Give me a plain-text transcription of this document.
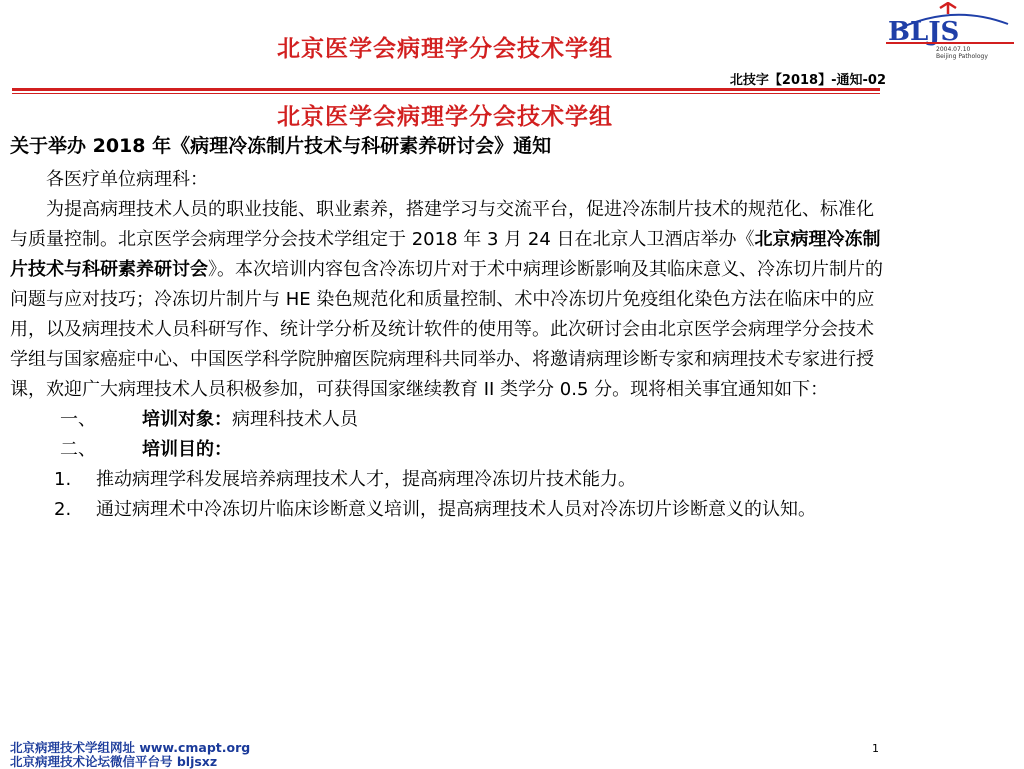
北京医学会病理学分会技术学组
BLJS
2004.07.10
Beijing Pathology
北技字【2018】-通知-02
北京医学会病理学分会技术学组
关于举办 2018 年《病理冷冻制片技术与科研素养研讨会》通知

各医疗单位病理科：

为提高病理技术人员的职业技能、职业素养，搭建学习与交流平台，促进冷冻制片技术的规范化、标准化与质量控制。北京医学会病理学分会技术学组定于 2018 年 3 月 24 日在北京人卫酒店举办《北京病理冷冻制片技术与科研素养研讨会》。本次培训内容包含冷冻切片对于术中病理诊断影响及其临床意义、冷冻切片制片的问题与应对技巧；冷冻切片制片与 HE 染色规范化和质量控制、术中冷冻切片免疫组化染色方法在临床中的应用，以及病理技术人员科研写作、统计学分析及统计软件的使用等。此次研讨会由北京医学会病理学分会技术学组与国家癌症中心、中国医学科学院肿瘤医院病理科共同举办、将邀请病理诊断专家和病理技术专家进行授课，欢迎广大病理技术人员积极参加，可获得国家继续教育 II 类学分 0.5 分。现将相关事宜通知如下：

一、	培训对象：病理科技术人员

二、	培训目的：

1.	推动病理学科发展培养病理技术人才，提高病理冷冻切片技术能力。
2.	通过病理术中冷冻切片临床诊断意义培训，提高病理技术人员对冷冻切片诊断意义的认知。
北京病理技术学组网址 www.cmapt.org
北京病理技术论坛微信平台号 bljsxz
1
